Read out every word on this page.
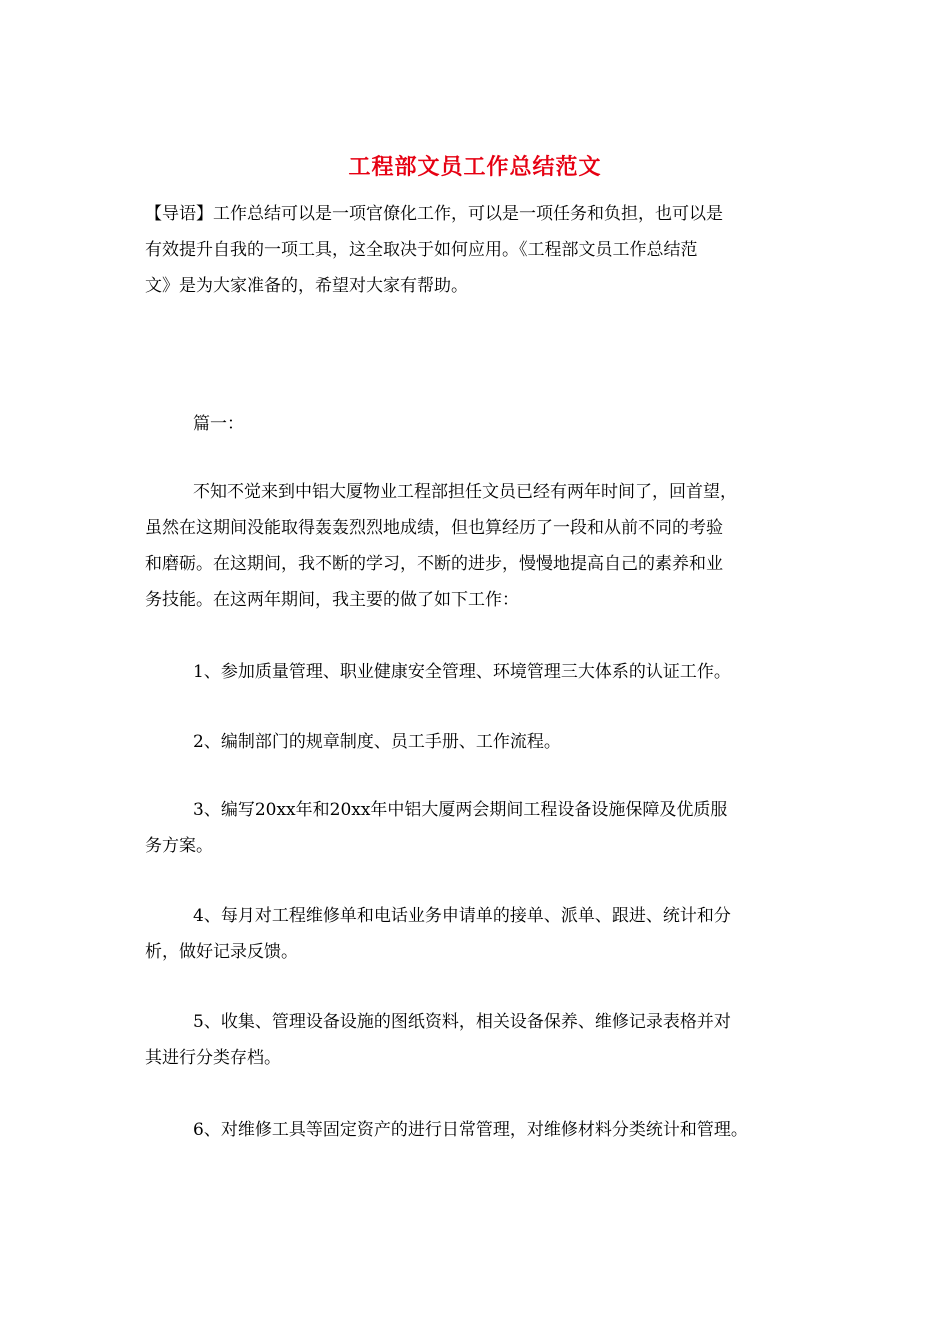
工程部文员工作总结范文

【导语】工作总结可以是一项官僚化工作，可以是一项任务和负担，也可以是
有效提升自我的一项工具，这全取决于如何应用。《工程部文员工作总结范
文》是为大家准备的，希望对大家有帮助。

篇一：

不知不觉来到中铝大厦物业工程部担任文员已经有两年时间了，回首望，
虽然在这期间没能取得轰轰烈烈地成绩，但也算经历了一段和从前不同的考验
和磨砺。在这期间，我不断的学习，不断的进步，慢慢地提高自己的素养和业
务技能。在这两年期间，我主要的做了如下工作：

1、参加质量管理、职业健康安全管理、环境管理三大体系的认证工作。

2、编制部门的规章制度、员工手册、工作流程。

3、编写20xx年和20xx年中铝大厦两会期间工程设备设施保障及优质服
务方案。

4、每月对工程维修单和电话业务申请单的接单、派单、跟进、统计和分
析，做好记录反馈。

5、收集、管理设备设施的图纸资料，相关设备保养、维修记录表格并对
其进行分类存档。

6、对维修工具等固定资产的进行日常管理，对维修材料分类统计和管理。
